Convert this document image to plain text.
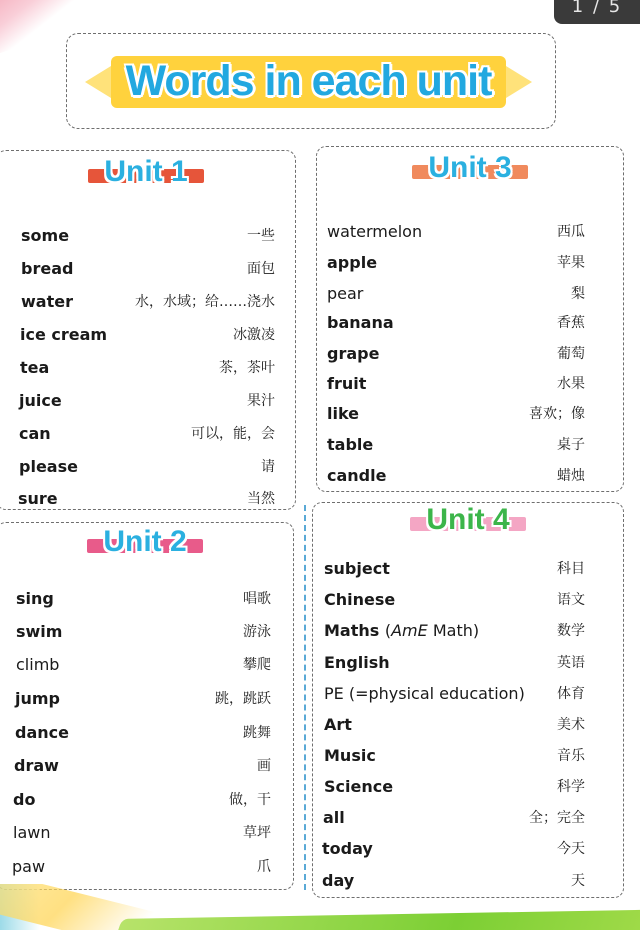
1 / 5
Words in each unit
Unit 1
some	一些
bread	面包
water	水，水域；给……浇水
ice cream	冰激凌
tea	茶，茶叶
juice	果汁
can	可以，能，会
please	请
sure	当然
Unit 2
sing	唱歌
swim	游泳
climb	攀爬
jump	跳，跳跃
dance	跳舞
draw	画
do	做，干
lawn	草坪
paw	爪
Unit 3
watermelon	西瓜
apple	苹果
pear	梨
banana	香蕉
grape	葡萄
fruit	水果
like	喜欢；像
table	桌子
candle	蜡烛
Unit 4
subject	科目
Chinese	语文
Maths (AmE Math)	数学
English	英语
PE (=physical education) 体育
Art	美术
Music	音乐
Science	科学
all	全；完全
today	今天
day	天
